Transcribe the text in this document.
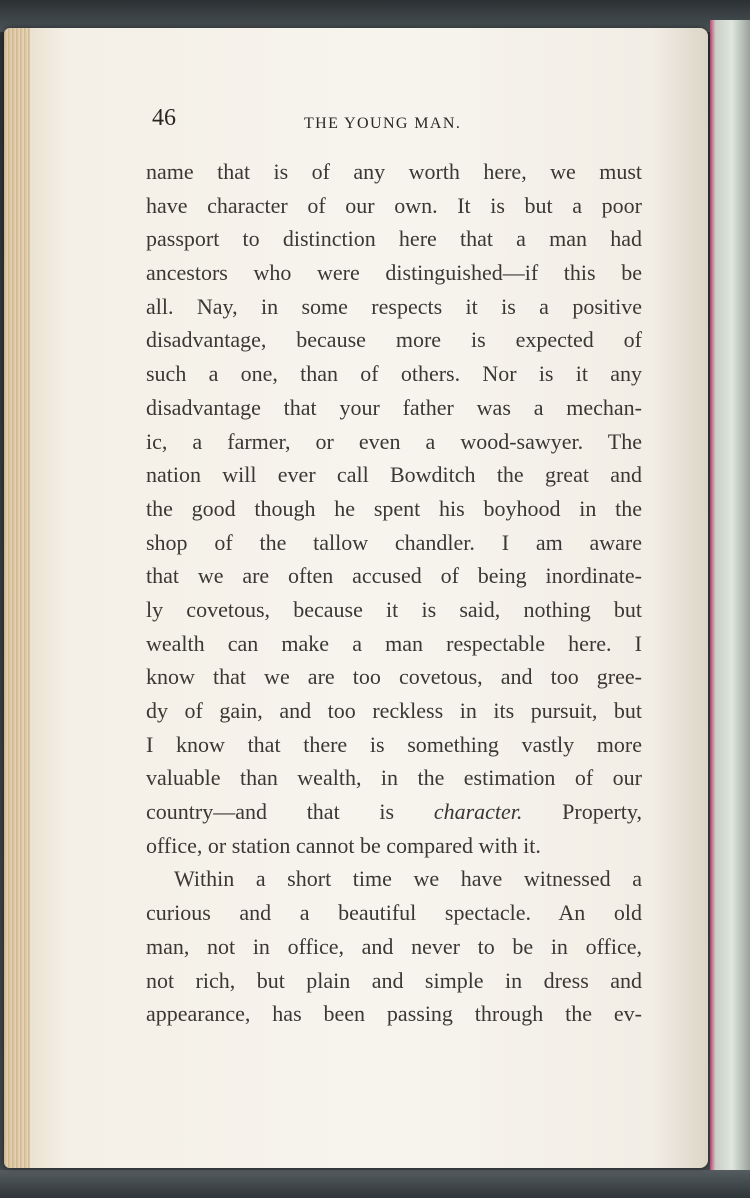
46	THE YOUNG MAN.
name that is of any worth here, we must
have character of our own. It is but a poor
passport to distinction here that a man had
ancestors who were distinguished—if this be
all. Nay, in some respects it is a positive
disadvantage, because more is expected of
such a one, than of others. Nor is it any
disadvantage that your father was a mechan-
ic, a farmer, or even a wood-sawyer. The
nation will ever call Bowditch the great and
the good though he spent his boyhood in the
shop of the tallow chandler. I am aware
that we are often accused of being inordinate-
ly covetous, because it is said, nothing but
wealth can make a man respectable here. I
know that we are too covetous, and too gree-
dy of gain, and too reckless in its pursuit, but
I know that there is something vastly more
valuable than wealth, in the estimation of our
country—and that is character. Property,
office, or station cannot be compared with it.
Within a short time we have witnessed a
curious and a beautiful spectacle. An old
man, not in office, and never to be in office,
not rich, but plain and simple in dress and
appearance, has been passing through the ev-
